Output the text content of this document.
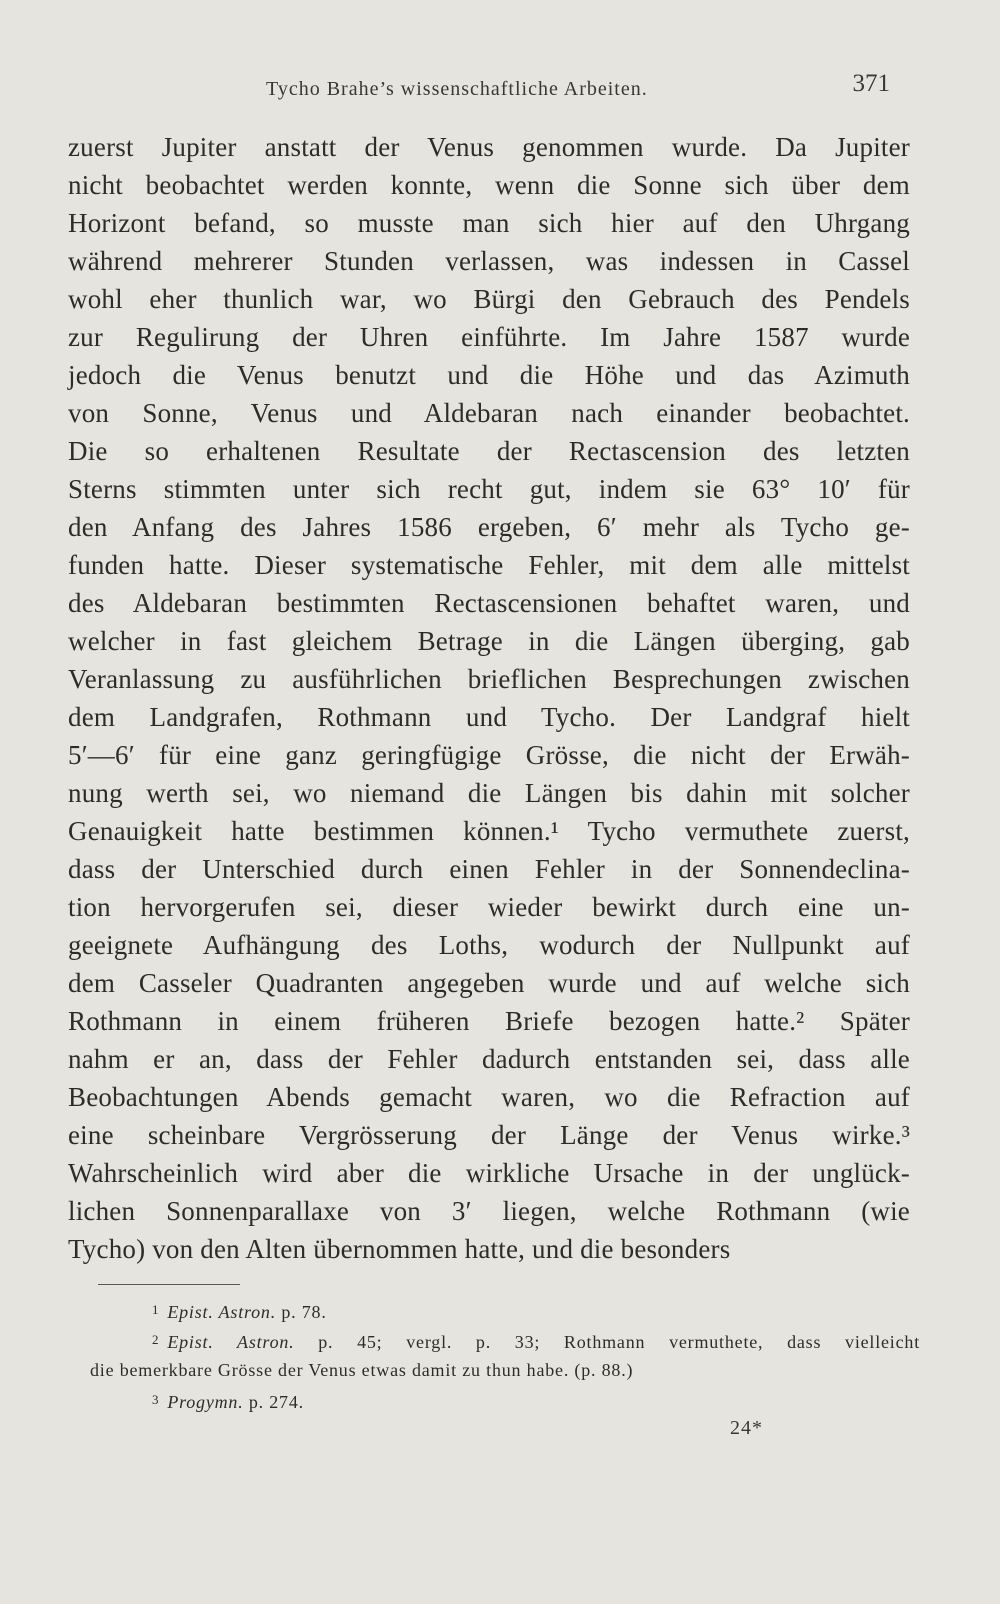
Tycho Brahe’s wissenschaftliche Arbeiten.	371
zuerst Jupiter anstatt der Venus genommen wurde. Da Jupiter
nicht beobachtet werden konnte, wenn die Sonne sich über dem
Horizont befand, so musste man sich hier auf den Uhrgang
während mehrerer Stunden verlassen, was indessen in Cassel
wohl eher thunlich war, wo Bürgi den Gebrauch des Pendels
zur Regulirung der Uhren einführte. Im Jahre 1587 wurde
jedoch die Venus benutzt und die Höhe und das Azimuth
von Sonne, Venus und Aldebaran nach einander beobachtet.
Die so erhaltenen Resultate der Rectascension des letzten
Sterns stimmten unter sich recht gut, indem sie 63° 10′ für
den Anfang des Jahres 1586 ergeben, 6′ mehr als Tycho ge-
funden hatte. Dieser systematische Fehler, mit dem alle mittelst
des Aldebaran bestimmten Rectascensionen behaftet waren, und
welcher in fast gleichem Betrage in die Längen überging, gab
Veranlassung zu ausführlichen brieflichen Besprechungen zwischen
dem Landgrafen, Rothmann und Tycho. Der Landgraf hielt
5′—6′ für eine ganz geringfügige Grösse, die nicht der Erwäh-
nung werth sei, wo niemand die Längen bis dahin mit solcher
Genauigkeit hatte bestimmen können.¹ Tycho vermuthete zuerst,
dass der Unterschied durch einen Fehler in der Sonnendeclina-
tion hervorgerufen sei, dieser wieder bewirkt durch eine un-
geeignete Aufhängung des Loths, wodurch der Nullpunkt auf
dem Casseler Quadranten angegeben wurde und auf welche sich
Rothmann in einem früheren Briefe bezogen hatte.² Später
nahm er an, dass der Fehler dadurch entstanden sei, dass alle
Beobachtungen Abends gemacht waren, wo die Refraction auf
eine scheinbare Vergrösserung der Länge der Venus wirke.³
Wahrscheinlich wird aber die wirkliche Ursache in der unglück-
lichen Sonnenparallaxe von 3′ liegen, welche Rothmann (wie
Tycho) von den Alten übernommen hatte, und die besonders
$^1$ Epist. Astron. p. 78.
$^2$ Epist. Astron. p. 45; vergl. p. 33; Rothmann vermuthete, dass vielleicht
die bemerkbare Grösse der Venus etwas damit zu thun habe. (p. 88.)
$^3$ Progymn. p. 274.
24*
